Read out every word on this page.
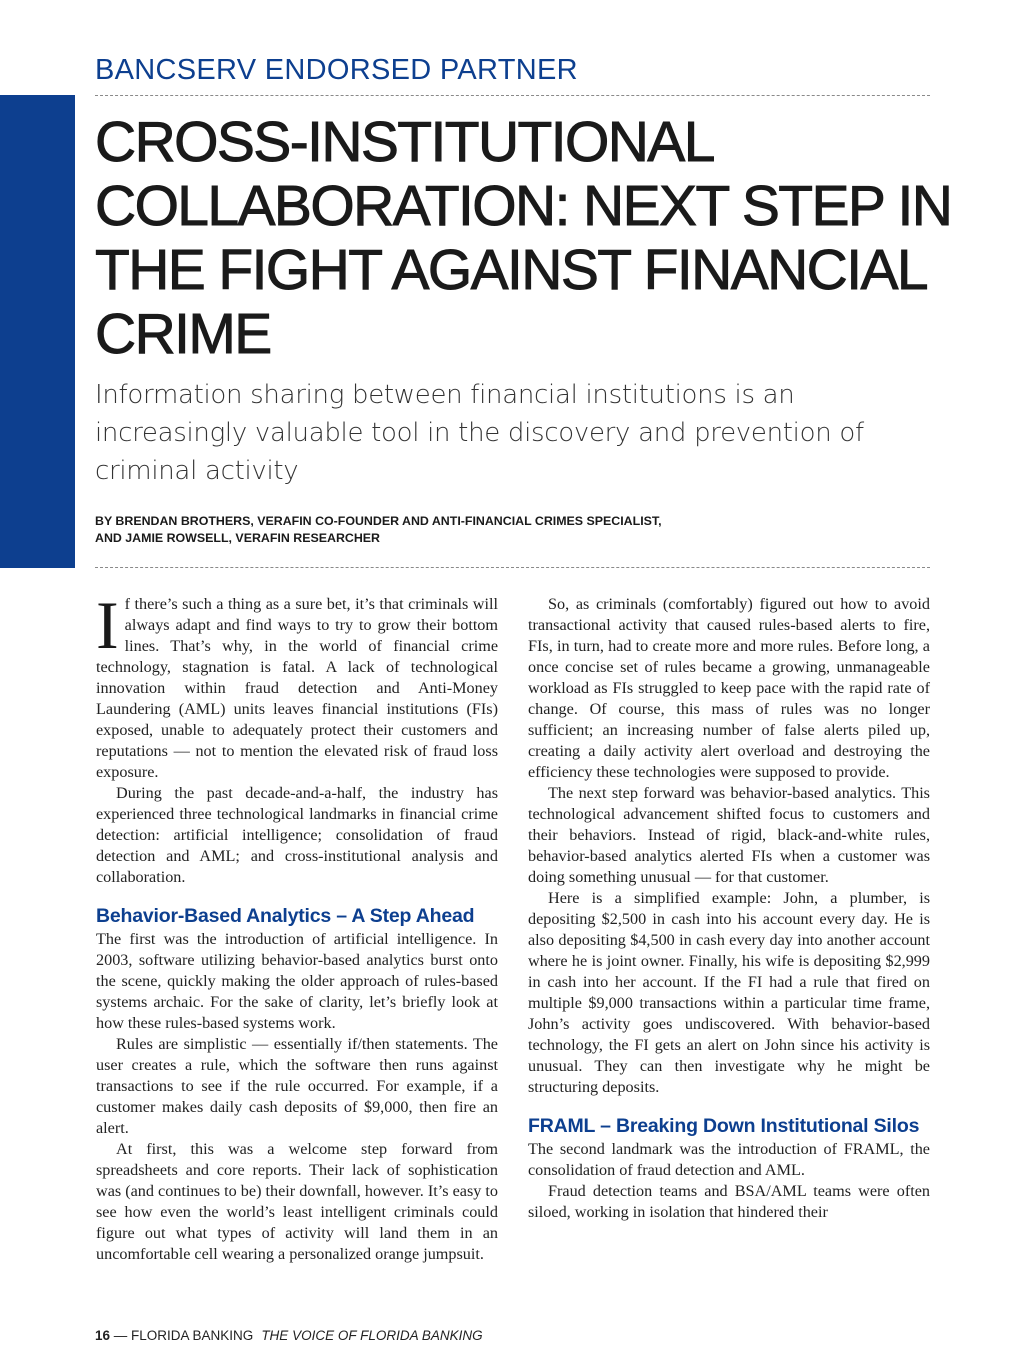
BANCSERV ENDORSED PARTNER
CROSS-INSTITUTIONAL COLLABORATION: NEXT STEP IN THE FIGHT AGAINST FINANCIAL CRIME

Information sharing between financial institutions is an increasingly valuable tool in the discovery and prevention of criminal activity

BY BRENDAN BROTHERS, VERAFIN CO-FOUNDER AND ANTI-FINANCIAL CRIMES SPECIALIST,
AND JAMIE ROWSELL, VERAFIN RESEARCHER

If there’s such a thing as a sure bet, it’s that criminals will always adapt and find ways to try to grow their bottom lines. That’s why, in the world of financial crime technology, stagnation is fatal. A lack of technological innovation within fraud detection and Anti-Money Laundering (AML) units leaves financial institutions (FIs) exposed, unable to adequately protect their customers and reputations — not to mention the elevated risk of fraud loss exposure.

During the past decade-and-a-half, the industry has experienced three technological landmarks in financial crime detection: artificial intelligence; consolidation of fraud detection and AML; and cross-institutional analysis and collaboration.

Behavior-Based Analytics – A Step Ahead

The first was the introduction of artificial intelligence. In 2003, software utilizing behavior-based analytics burst onto the scene, quickly making the older approach of rules-based systems archaic. For the sake of clarity, let’s briefly look at how these rules-based systems work.

Rules are simplistic — essentially if/then statements. The user creates a rule, which the software then runs against transactions to see if the rule occurred. For example, if a customer makes daily cash deposits of $9,000, then fire an alert.

At first, this was a welcome step forward from spreadsheets and core reports. Their lack of sophistication was (and continues to be) their downfall, however. It’s easy to see how even the world’s least intelligent criminals could figure out what types of activity will land them in an uncomfortable cell wearing a personalized orange jumpsuit.

So, as criminals (comfortably) figured out how to avoid transactional activity that caused rules-based alerts to fire, FIs, in turn, had to create more and more rules. Before long, a once concise set of rules became a growing, unmanageable workload as FIs struggled to keep pace with the rapid rate of change. Of course, this mass of rules was no longer sufficient; an increasing number of false alerts piled up, creating a daily activity alert overload and destroying the efficiency these technologies were supposed to provide.

The next step forward was behavior-based analytics. This technological advancement shifted focus to customers and their behaviors. Instead of rigid, black-and-white rules, behavior-based analytics alerted FIs when a customer was doing something unusual — for that customer.

Here is a simplified example: John, a plumber, is depositing $2,500 in cash into his account every day. He is also depositing $4,500 in cash every day into another account where he is joint owner. Finally, his wife is depositing $2,999 in cash into her account. If the FI had a rule that fired on multiple $9,000 transactions within a particular time frame, John’s activity goes undiscovered. With behavior-based technology, the FI gets an alert on John since his activity is unusual. They can then investigate why he might be structuring deposits.

FRAML – Breaking Down Institutional Silos

The second landmark was the introduction of FRAML, the consolidation of fraud detection and AML.

Fraud detection teams and BSA/AML teams were often siloed, working in isolation that hindered their

16 — FLORIDA BANKING THE VOICE OF FLORIDA BANKING
